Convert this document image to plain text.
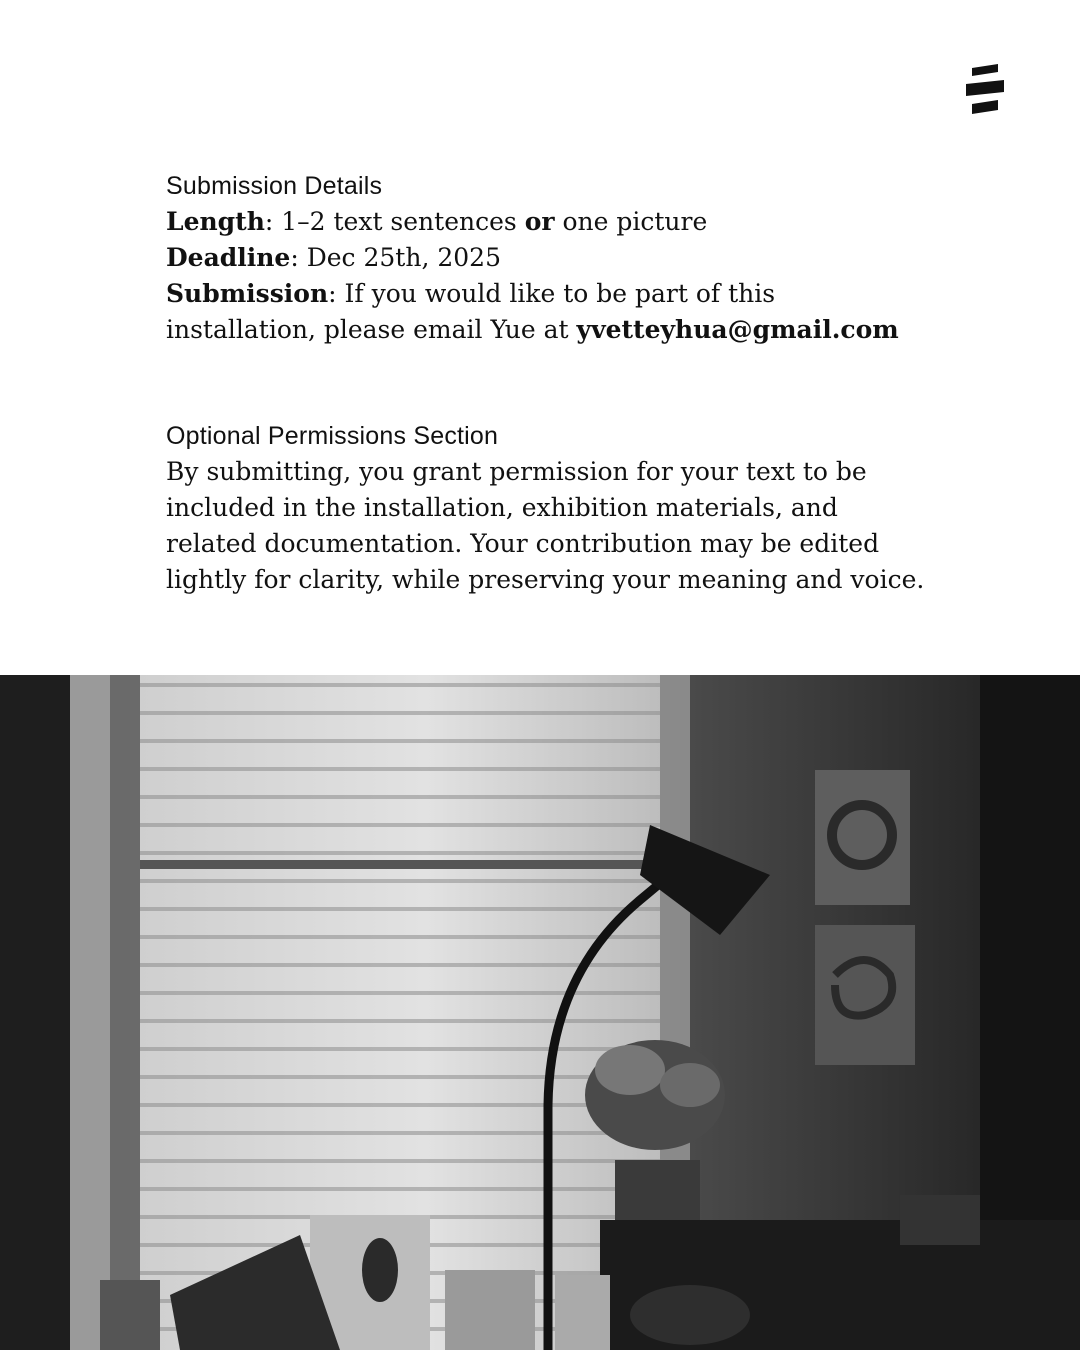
Submission Details

Length: 1–2 text sentences or one picture

Deadline: Dec 25th, 2025

Submission: If you would like to be part of this installation, please email Yue at yvetteyhua@gmail.com

Optional Permissions Section

By submitting, you grant permission for your text to be included in the installation, exhibition materials, and related documentation. Your contribution may be edited lightly for clarity, while preserving your meaning and voice.
